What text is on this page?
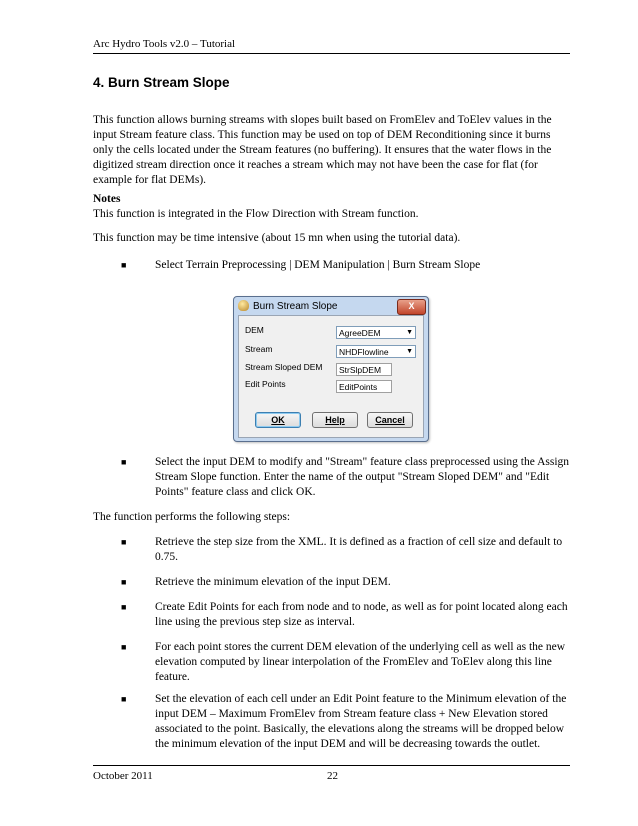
Arc Hydro Tools v2.0 – Tutorial
4. Burn Stream Slope
This function allows burning streams with slopes built based on FromElev and ToElev values in the input Stream feature class. This function may be used on top of DEM Reconditioning since it burns only the cells located under the Stream features (no buffering). It ensures that the water flows in the digitized stream direction once it reaches a stream which may not have been the case for flat (for example for flat DEMs).
Notes
This function is integrated in the Flow Direction with Stream function.
This function may be time intensive (about 15 mn when using the tutorial data).
■ Select Terrain Preprocessing | DEM Manipulation | Burn Stream Slope
Burn Stream Slope	X
DEM	AgreeDEM	▼
Stream	NHDFlowline ▼
Stream Sloped DEM	StrSlpDEM
Edit Points	EditPoints
OK	Help	Cancel
■ Select the input DEM to modify and "Stream" feature class preprocessed using the Assign Stream Slope function. Enter the name of the output "Stream Sloped DEM" and "Edit Points" feature class and click OK.
The function performs the following steps:
■ Retrieve the step size from the XML. It is defined as a fraction of cell size and default to 0.75.
■ Retrieve the minimum elevation of the input DEM.
■ Create Edit Points for each from node and to node, as well as for point located along each line using the previous step size as interval.
■ For each point stores the current DEM elevation of the underlying cell as well as the new elevation computed by linear interpolation of the FromElev and ToElev along this line feature.
■ Set the elevation of each cell under an Edit Point feature to the Minimum elevation of the input DEM – Maximum FromElev from Stream feature class + New Elevation stored associated to the point. Basically, the elevations along the streams will be dropped below the minimum elevation of the input DEM and will be decreasing towards the outlet.
October 2011	22
